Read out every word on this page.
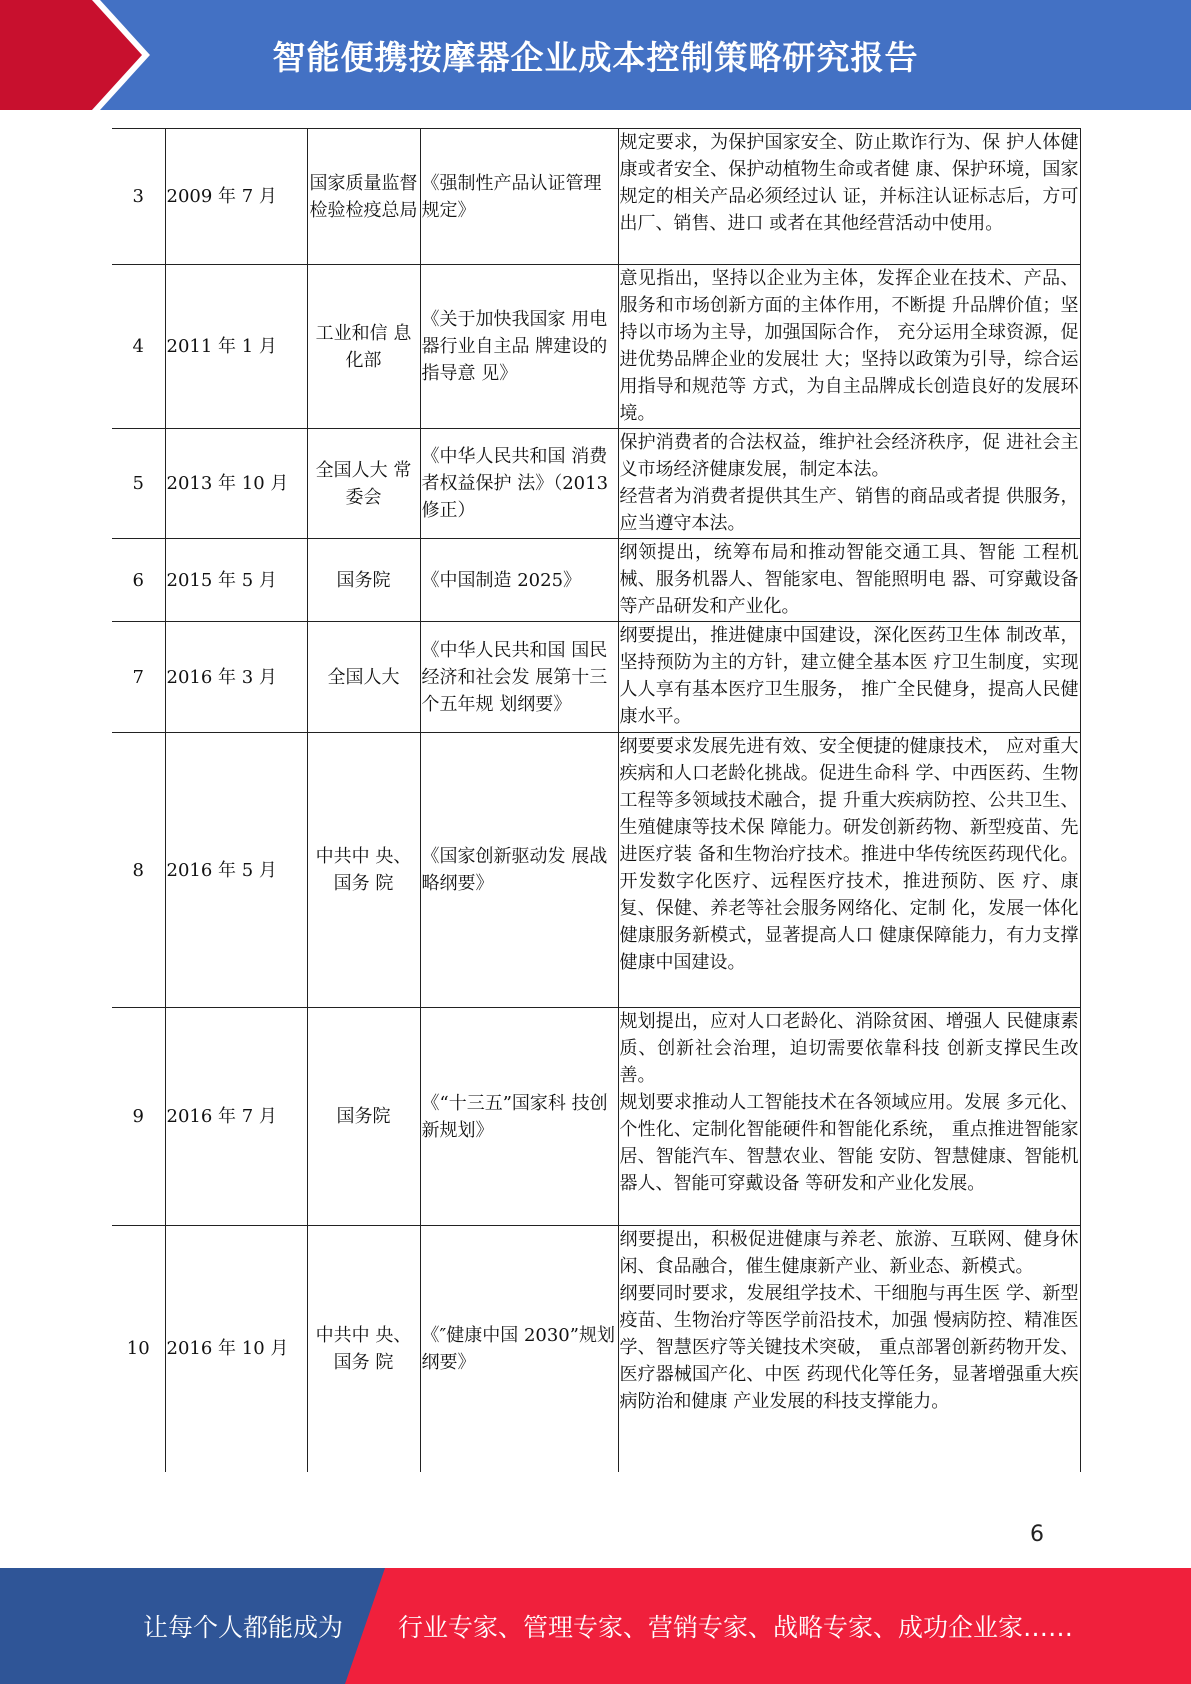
智能便携按摩器企业成本控制策略研究报告
3	2009 年 7 月	国家质量监督检验检疫总局	《强制性产品认证管理规定》	规定要求，为保护国家安全、防止欺诈行为、保 护人体健康或者安全、保护动植物生命或者健 康、保护环境，国家规定的相关产品必须经过认 证，并标注认证标志后，方可出厂、销售、进口 或者在其他经营活动中使用。

4	2011 年 1 月	工业和信 息化部	《关于加快我国家 用电器行业自主品 牌建设的指导意 见》	意见指出，坚持以企业为主体，发挥企业在技术、产品、服务和市场创新方面的主体作用，不断提 升品牌价值；坚持以市场为主导，加强国际合作， 充分运用全球资源，促进优势品牌企业的发展壮 大；坚持以政策为引导，综合运用指导和规范等 方式，为自主品牌成长创造良好的发展环境。

5	2013 年 10 月	全国人大 常委会	《中华人民共和国 消费者权益保护 法》（2013 修正）	保护消费者的合法权益，维护社会经济秩序，促 进社会主义市场经济健康发展，制定本法。

经营者为消费者提供其生产、销售的商品或者提 供服务，应当遵守本法。

6	2015 年 5 月	国务院	《中国制造 2025》	纲领提出，统筹布局和推动智能交通工具、智能 工程机械、服务机器人、智能家电、智能照明电 器、可穿戴设备等产品研发和产业化。

7	2016 年 3 月	全国人大	《中华人民共和国 国民经济和社会发 展第十三个五年规 划纲要》	纲要提出，推进健康中国建设，深化医药卫生体 制改革，坚持预防为主的方针，建立健全基本医 疗卫生制度，实现人人享有基本医疗卫生服务， 推广全民健身，提高人民健康水平。

8	2016 年 5 月	中共中 央、国务 院	《国家创新驱动发 展战略纲要》	纲要要求发展先进有效、安全便捷的健康技术， 应对重大疾病和人口老龄化挑战。促进生命科 学、中西医药、生物工程等多领域技术融合，提 升重大疾病防控、公共卫生、生殖健康等技术保 障能力。研发创新药物、新型疫苗、先进医疗装 备和生物治疗技术。推进中华传统医药现代化。 开发数字化医疗、远程医疗技术，推进预防、医 疗、康复、保健、养老等社会服务网络化、定制 化，发展一体化健康服务新模式，显著提高人口 健康保障能力，有力支撑健康中国建设。

9	2016 年 7 月	国务院	《“十三五”国家科 技创新规划》	规划提出，应对人口老龄化、消除贫困、增强人 民健康素质、创新社会治理，迫切需要依靠科技 创新支撑民生改善。

规划要求推动人工智能技术在各领域应用。发展 多元化、个性化、定制化智能硬件和智能化系统， 重点推进智能家居、智能汽车、智慧农业、智能 安防、智慧健康、智能机器人、智能可穿戴设备 等研发和产业化发展。

10	2016 年 10 月	中共中 央、国务 院	《″健康中国 2030”规划纲要》	纲要提出，积极促进健康与养老、旅游、互联网、健身休闲、食品融合，催生健康新产业、新业态、新模式。

纲要同时要求，发展组学技术、干细胞与再生医 学、新型疫苗、生物治疗等医学前沿技术，加强 慢病防控、精准医学、智慧医疗等关键技术突破， 重点部署创新药物开发、医疗器械国产化、中医 药现代化等任务，显著增强重大疾病防治和健康 产业发展的科技支撑能力。

6
让每个人都能成为 行业专家、管理专家、营销专家、战略专家、成功企业家……
